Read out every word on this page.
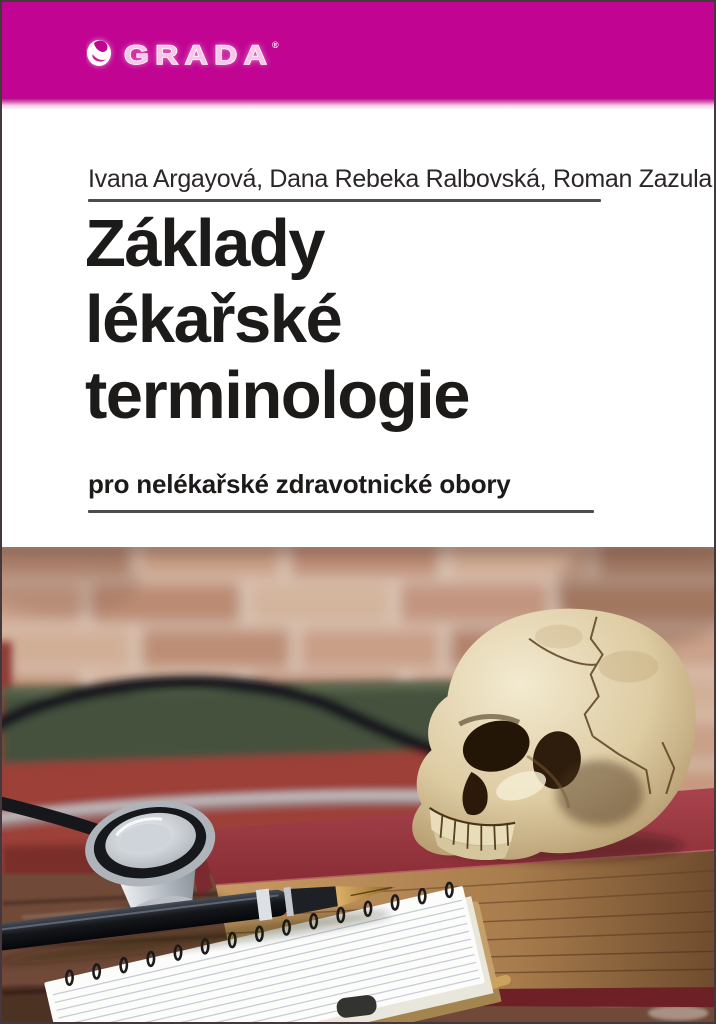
GRADA
®
Ivana Argayová, Dana Rebeka Ralbovská, Roman Zazula
Základy
lékařské
terminologie
pro nelékařské zdravotnické obory
